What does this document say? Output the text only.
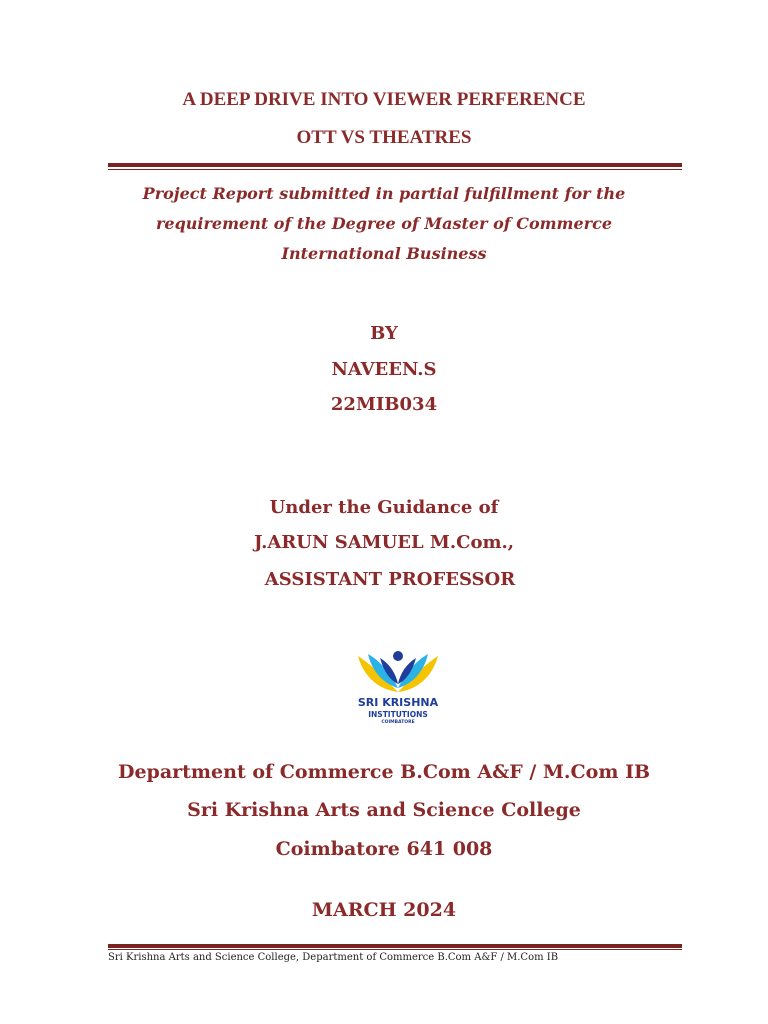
A DEEP DRIVE INTO VIEWER PERFERENCE
OTT VS THEATRES
Project Report submitted in partial fulfillment for the
requirement of the Degree of Master of Commerce
International Business
BY
NAVEEN.S
22MIB034
Under the Guidance of
J.ARUN SAMUEL M.Com.,
ASSISTANT PROFESSOR
SRI KRISHNA
INSTITUTIONS
COIMBATORE
Department of Commerce B.Com A&F / M.Com IB
Sri Krishna Arts and Science College
Coimbatore 641 008
MARCH 2024
Sri Krishna Arts and Science College, Department of Commerce B.Com A&F / M.Com IB
